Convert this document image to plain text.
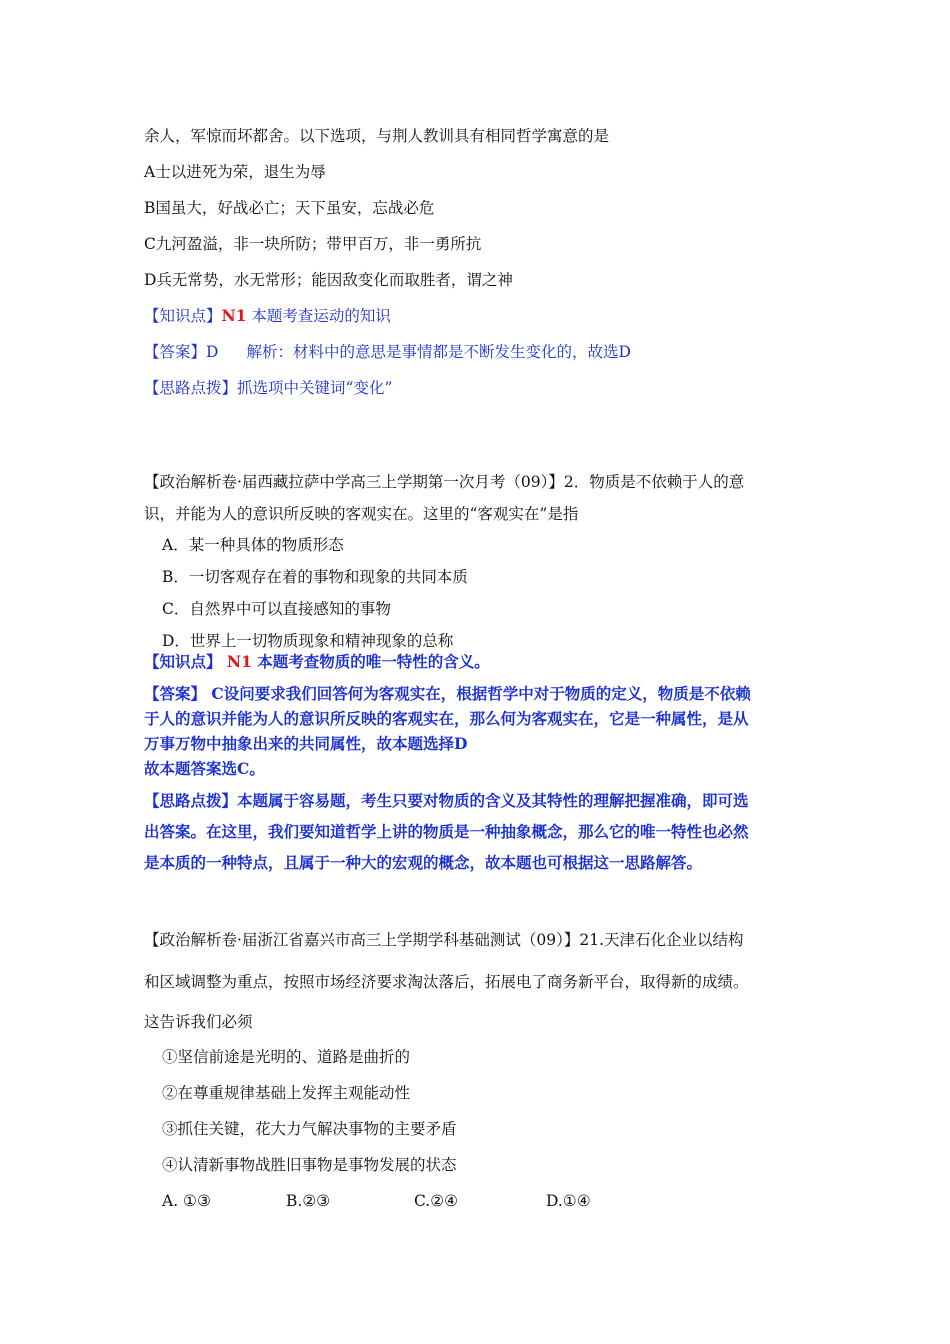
余人，军惊而坏都舍。以下选项，与荆人教训具有相同哲学寓意的是
A士以进死为荣，退生为辱
B国虽大，好战必亡；天下虽安，忘战必危
C九河盈溢，非一块所防；带甲百万，非一勇所抗
D兵无常势，水无常形；能因敌变化而取胜者，谓之神
【知识点】N1 本题考查运动的知识
【答案】D 解析：材料中的意思是事情都是不断发生变化的，故选D
【思路点拨】抓选项中关键词“变化”
【政治解析卷·届西藏拉萨中学高三上学期第一次月考（09）】2．物质是不依赖于人的意
识，并能为人的意识所反映的客观实在。这里的“客观实在”是指
A．某一种具体的物质形态
B．一切客观存在着的事物和现象的共同本质
C．自然界中可以直接感知的事物
D．世界上一切物质现象和精神现象的总称
【知识点】 N1 本题考查物质的唯一特性的含义。
【答案】 C设问要求我们回答何为客观实在，根据哲学中对于物质的定义，物质是不依赖
于人的意识并能为人的意识所反映的客观实在，那么何为客观实在，它是一种属性，是从
万事万物中抽象出来的共同属性，故本题选择D
故本题答案选C。
【思路点拨】本题属于容易题，考生只要对物质的含义及其特性的理解把握准确，即可选
出答案。在这里，我们要知道哲学上讲的物质是一种抽象概念，那么它的唯一特性也必然
是本质的一种特点，且属于一种大的宏观的概念，故本题也可根据这一思路解答。
【政治解析卷·届浙江省嘉兴市高三上学期学科基础测试（09）】21.天津石化企业以结构
和区域调整为重点，按照市场经济要求淘汰落后，拓展电了商务新平台，取得新的成绩。
这告诉我们必须
①坚信前途是光明的、道路是曲折的
②在尊重规律基础上发挥主观能动性
③抓住关键，花大力气解决事物的主要矛盾
④认清新事物战胜旧事物是事物发展的状态
A. ①③	B.②③	C.②④	D.①④
